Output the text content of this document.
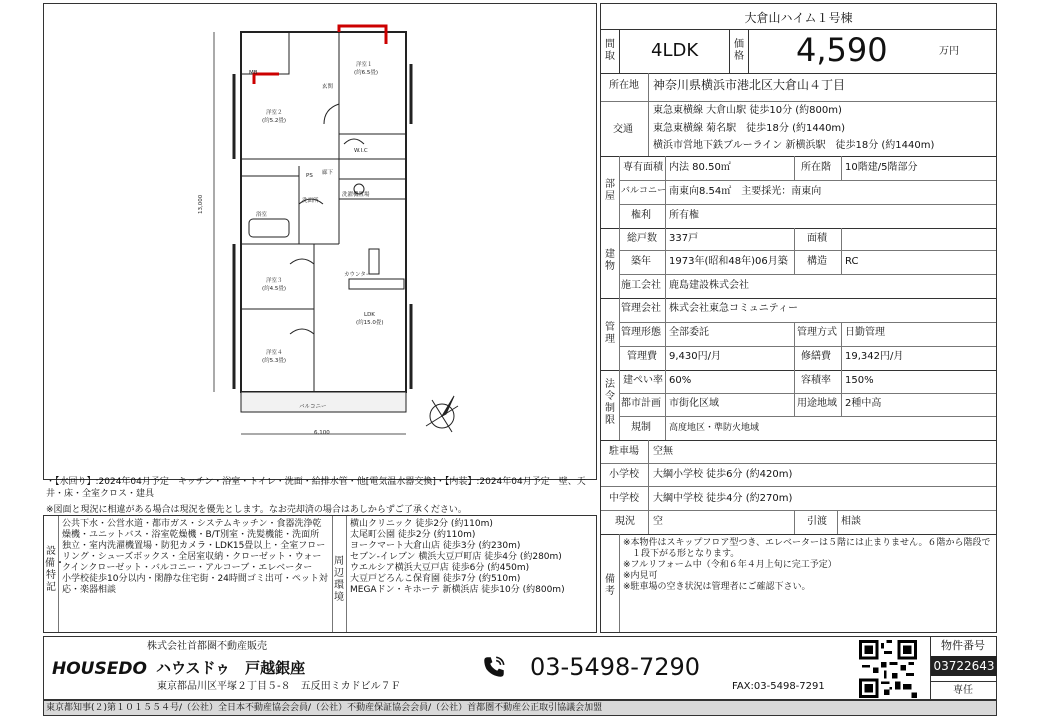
洋室１
(約6.5畳)
洋室２
(約5.2畳)
洋室３
(約4.5畳)
洋室４
(約5.3畳)
LDK
(約15.0畳)
玄関
W.I.C
廊下
洗面所
浴室
カウンター
洗濯機置場
バルコニー
PS
MB
6,100
13,000
・【水回り】:2024年04月予定　キッチン・浴室・トイレ・洗面・給排水管・他[電気温水器交換]・【内装】:2024年04月予定　壁、天
井・床・全室クロス・建具
※図面と現況に相違がある場合は現況を優先とします。なお売却済の場合はあしからずご了承ください。
設備・特記
周辺環境
公共下水・公営水道・都市ガス・システムキッチン・食器洗浄乾
燥機・ユニットバス・浴室乾燥機・B/T別室・洗髪機能・洗面所
独立・室内洗濯機置場・防犯カメラ・LDK15畳以上・全室フロー
リング・シューズボックス・全居室収納・クローゼット・ウォー
クインクローゼット・バルコニー・アルコーブ・エレベーター
小学校徒歩10分以内・閑静な住宅街・24時間ゴミ出可・ペット対
応・楽器相談
横山クリニック 徒歩2分 (約110m)
太尾町公園 徒歩2分 (約110m)
ヨークマート大倉山店 徒歩3分 (約230m)
セブン-イレブン 横浜大豆戸町店 徒歩4分 (約280m)
ウエルシア横浜大豆戸店 徒歩6分 (約450m)
大豆戸どろんこ保育園 徒歩7分 (約510m)
MEGAドン・キホーテ 新横浜店 徒歩10分 (約800m)
大倉山ハイム１号棟
間取 4LDK	価格 4,590	万円
所在地 神奈川県横浜市港北区大倉山４丁目
交通
東急東横線 大倉山駅 徒歩10分 (約800m)
東急東横線 菊名駅　徒歩18分 (約1440m)
横浜市営地下鉄ブルーライン 新横浜駅　徒歩18分 (約1440m)
部屋
専有面積 内法 80.50㎡	所在階 10階建/5階部分
バルコニー 南東向8.54㎡　主要採光：南東向
権利 所有権
建物
総戸数 337戸	面積
築年 1973年(昭和48年)06月築 構造 RC
施工会社 鹿島建設株式会社
管理
管理会社 株式会社東急コミュニティー
管理形態 全部委託	管理方式 日勤管理
管理費 9,430円/月	修繕費 19,342円/月
法令制限
建ぺい率 60%	容積率 150%
都市計画 市街化区域	用途地域 2種中高
規制 高度地区・準防火地域
駐車場 空無
小学校 大綱小学校 徒歩6分 (約420m)
中学校 大綱中学校 徒歩4分 (約270m)
現況 空	引渡 相談
備考
※本物件はスキップフロア型つき、エレベーターは５階には止まりません。６階から階段で
　１段下がる形となります。
※フルリフォーム中（令和６年４月上旬に完工予定）
※内見可
※駐車場の空き状況は管理者にご確認下さい。
株式会社首都圏不動産販売
HOUSEDO ハウスドゥ　戸越銀座
東京都品川区平塚２丁目５-８　五反田ミカドビル７Ｆ
03-5498-7290
FAX:03-5498-7291
物件番号
03722643
専任
東京都知事(２)第１０１５５４号/（公社）全日本不動産協会会員/（公社）不動産保証協会会員/（公社）首都圏不動産公正取引協議会加盟
